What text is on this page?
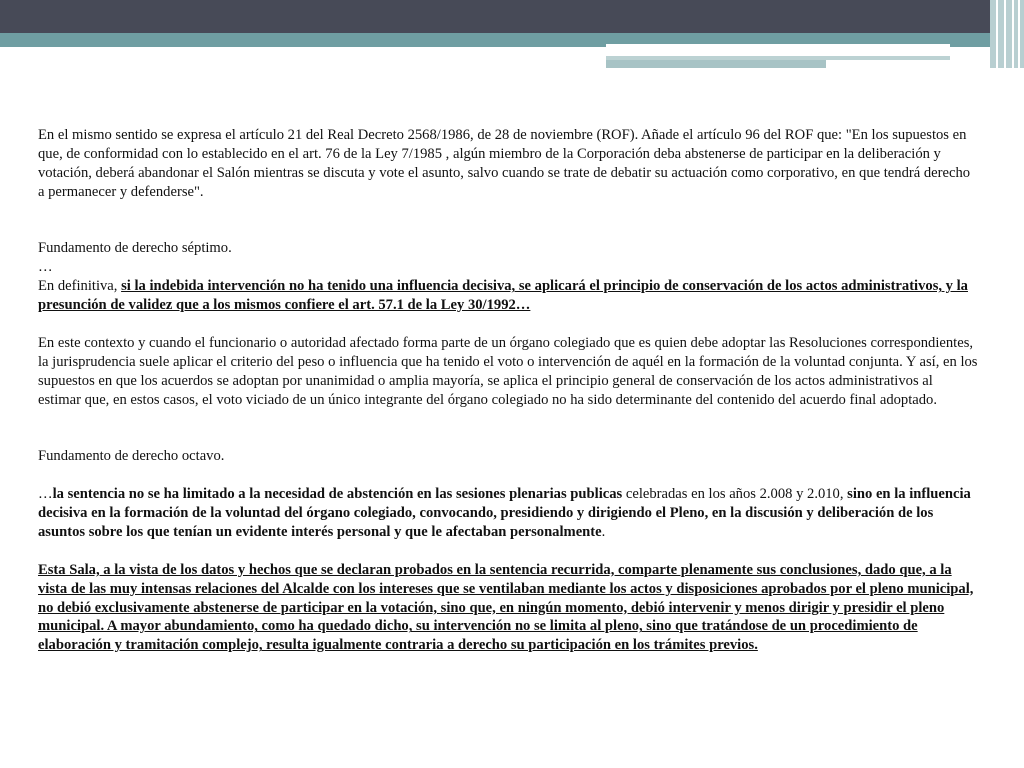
En el mismo sentido se expresa el artículo 21 del Real Decreto 2568/1986, de 28 de noviembre (ROF). Añade el artículo 96 del ROF que: "En los supuestos en que, de conformidad con lo establecido en el art. 76 de la Ley 7/1985 , algún miembro de la Corporación deba abstenerse de participar en la deliberación y votación, deberá abandonar el Salón mientras se discuta y vote el asunto, salvo cuando se trate de debatir su actuación como corporativo, en que tendrá derecho a permanecer y defenderse".

Fundamento de derecho séptimo.

…

En definitiva, si la indebida intervención no ha tenido una influencia decisiva, se aplicará el principio de conservación de los actos administrativos, y la presunción de validez que a los mismos confiere el art. 57.1 de la Ley 30/1992…

En este contexto y cuando el funcionario o autoridad afectado forma parte de un órgano colegiado que es quien debe adoptar las Resoluciones correspondientes, la jurisprudencia suele aplicar el criterio del peso o influencia que ha tenido el voto o intervención de aquél en la formación de la voluntad conjunta. Y así, en los supuestos en que los acuerdos se adoptan por unanimidad o amplia mayoría, se aplica el principio general de conservación de los actos administrativos al estimar que, en estos casos, el voto viciado de un único integrante del órgano colegiado no ha sido determinante del contenido del acuerdo final adoptado.

Fundamento de derecho octavo.

…la sentencia no se ha limitado a la necesidad de abstención en las sesiones plenarias publicas celebradas en los años 2.008 y 2.010, sino en la influencia decisiva en la formación de la voluntad del órgano colegiado, convocando, presidiendo y dirigiendo el Pleno, en la discusión y deliberación de los asuntos sobre los que tenían un evidente interés personal y que le afectaban personalmente.

Esta Sala, a la vista de los datos y hechos que se declaran probados en la sentencia recurrida, comparte plenamente sus conclusiones, dado que, a la vista de las muy intensas relaciones del Alcalde con los intereses que se ventilaban mediante los actos y disposiciones aprobados por el pleno municipal, no debió exclusivamente abstenerse de participar en la votación, sino que, en ningún momento, debió intervenir y menos dirigir y presidir el pleno municipal. A mayor abundamiento, como ha quedado dicho, su intervención no se limita al pleno, sino que tratándose de un procedimiento de elaboración y tramitación complejo, resulta igualmente contraria a derecho su participación en los trámites previos.
